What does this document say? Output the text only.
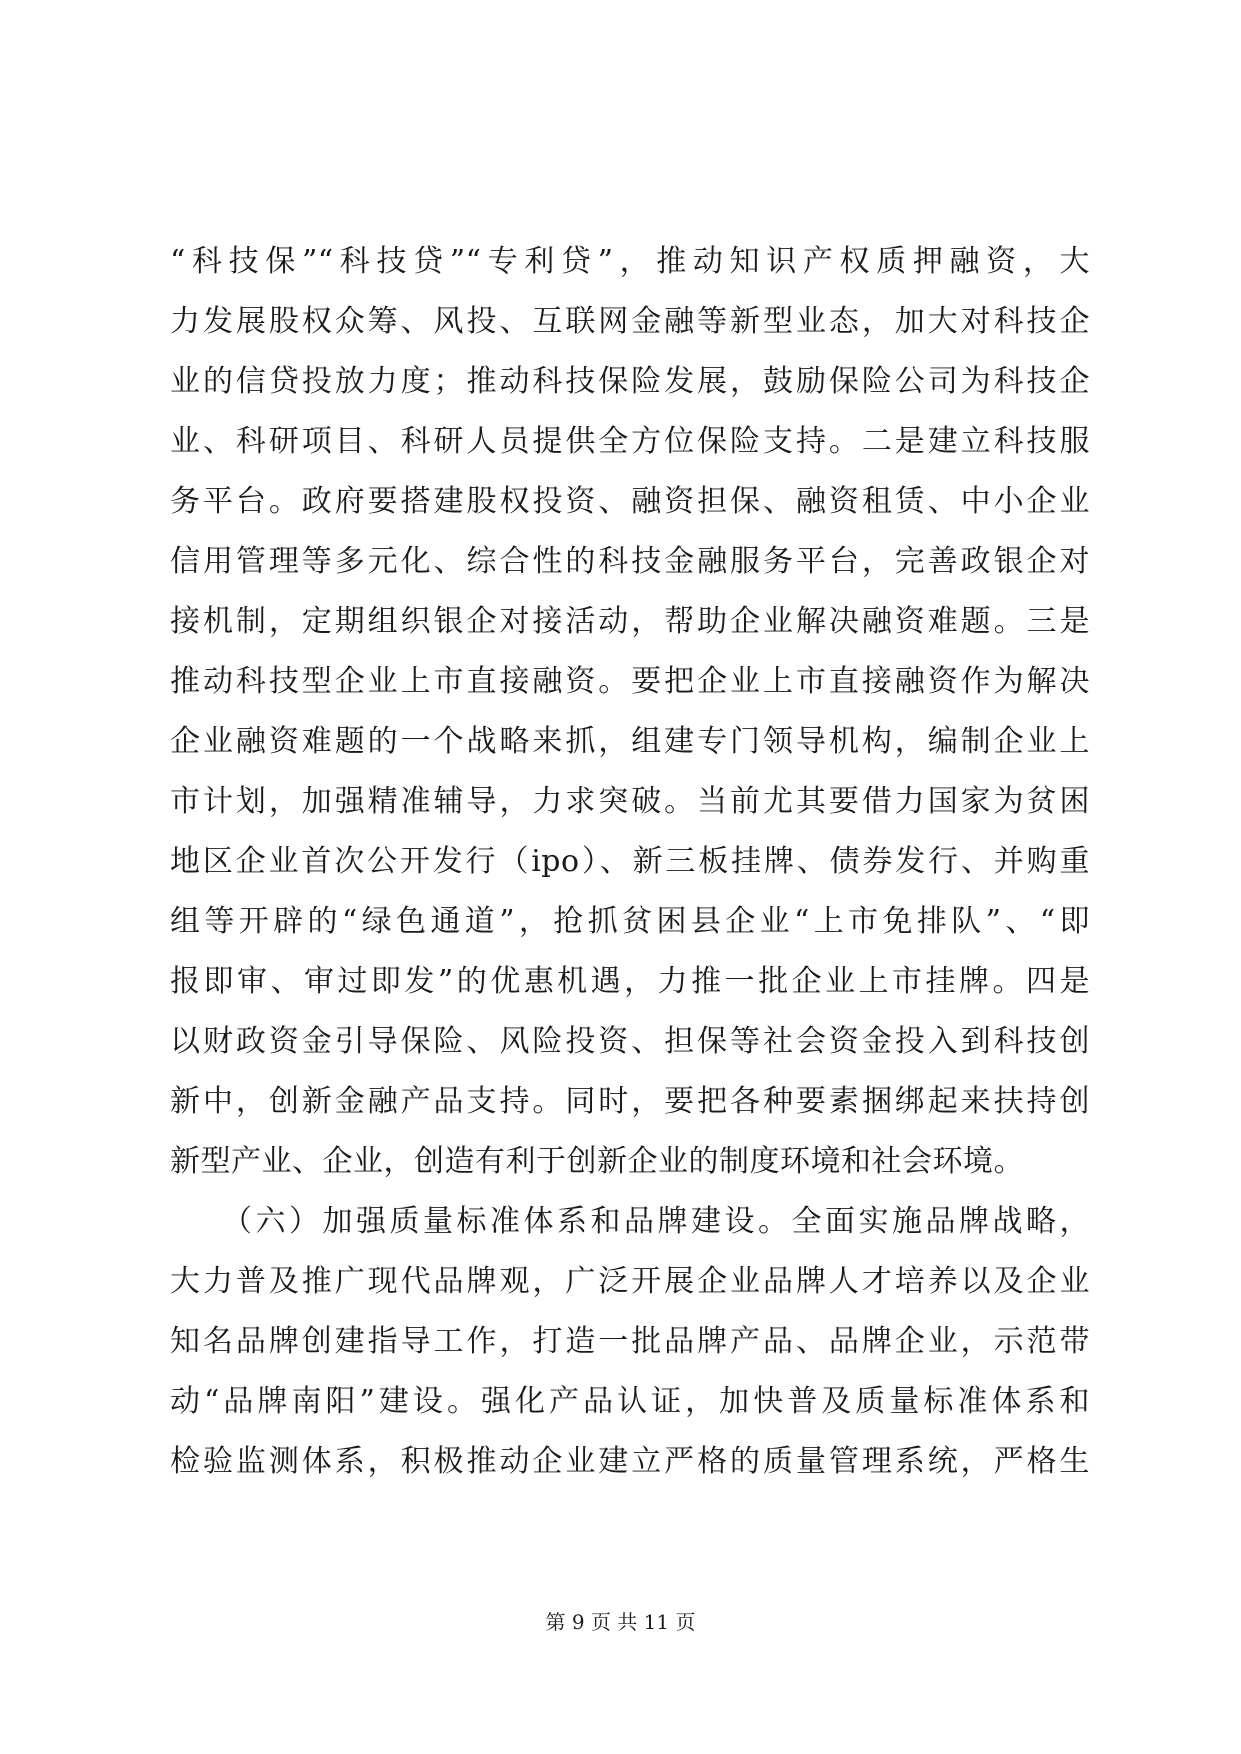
“科技保”“科技贷”“专利贷”，推动知识产权质押融资，大
力发展股权众筹、风投、互联网金融等新型业态，加大对科技企
业的信贷投放力度；推动科技保险发展，鼓励保险公司为科技企
业、科研项目、科研人员提供全方位保险支持。二是建立科技服
务平台。政府要搭建股权投资、融资担保、融资租赁、中小企业
信用管理等多元化、综合性的科技金融服务平台，完善政银企对
接机制，定期组织银企对接活动，帮助企业解决融资难题。三是
推动科技型企业上市直接融资。要把企业上市直接融资作为解决
企业融资难题的一个战略来抓，组建专门领导机构，编制企业上
市计划，加强精准辅导，力求突破。当前尤其要借力国家为贫困
地区企业首次公开发行（ipo）、新三板挂牌、债券发行、并购重
组等开辟的“绿色通道”，抢抓贫困县企业“上市免排队”、“即
报即审、审过即发”的优惠机遇，力推一批企业上市挂牌。四是
以财政资金引导保险、风险投资、担保等社会资金投入到科技创
新中，创新金融产品支持。同时，要把各种要素捆绑起来扶持创
新型产业、企业，创造有利于创新企业的制度环境和社会环境。
　　（六）加强质量标准体系和品牌建设。全面实施品牌战略，
大力普及推广现代品牌观，广泛开展企业品牌人才培养以及企业
知名品牌创建指导工作，打造一批品牌产品、品牌企业，示范带
动“品牌南阳”建设。强化产品认证，加快普及质量标准体系和
检验监测体系，积极推动企业建立严格的质量管理系统，严格生
第 9 页 共 11 页
